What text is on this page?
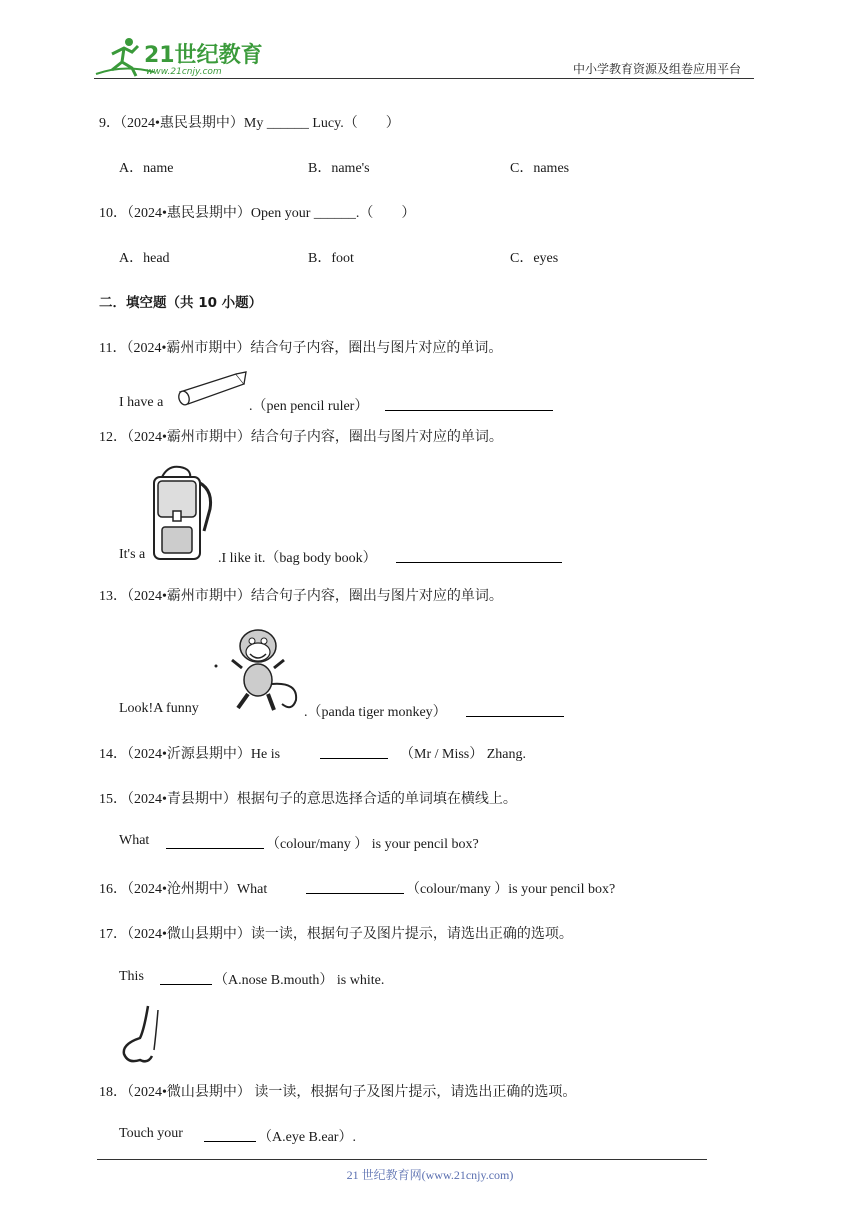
21世纪教育
www.21cnjy.com	中小学教育资源及组卷应用平台
9．（2024•惠民县期中）My ______ Lucy.（　　）
A．name	B．name's	C．names
10．（2024•惠民县期中）Open your ______.（　　）
A．head	B．foot	C．eyes
二．填空题（共 10 小题）
11．（2024•霸州市期中）结合句子内容，圈出与图片对应的单词。
I have a	.（pen pencil ruler）
12．（2024•霸州市期中）结合句子内容，圈出与图片对应的单词。
It's a	.I like it.（bag body book）
13．（2024•霸州市期中）结合句子内容，圈出与图片对应的单词。
Look!A funny	.（panda tiger monkey）
14．（2024•沂源县期中）He is	（Mr / Miss） Zhang.
15．（2024•青县期中）根据句子的意思选择合适的单词填在横线上。
What	（colour/many ） is your pencil box?
16．（2024•沧州期中）What	（colour/many ）is your pencil box?
17．（2024•微山县期中）读一读，根据句子及图片提示，请选出正确的选项。
This	（A.nose B.mouth） is white.
18．（2024•微山县期中） 读一读，根据句子及图片提示，请选出正确的选项。
Touch your	（A.eye B.ear）.
21 世纪教育网(www.21cnjy.com)
